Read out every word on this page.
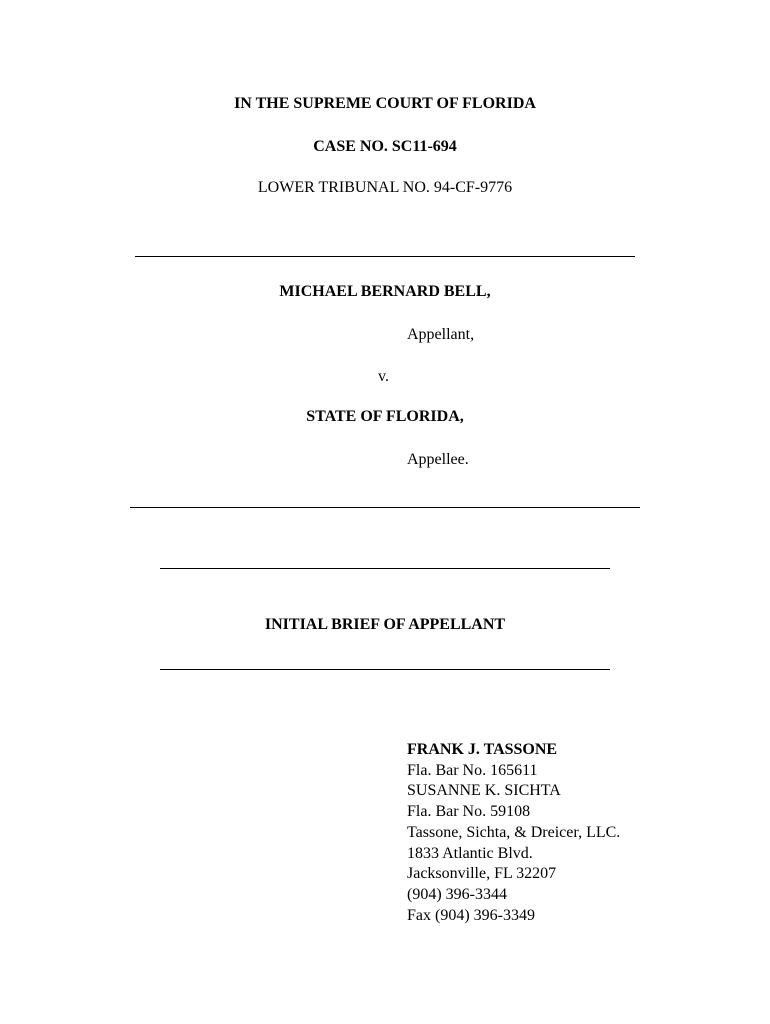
IN THE SUPREME COURT OF FLORIDA
CASE NO. SC11-694
LOWER TRIBUNAL NO. 94-CF-9776
MICHAEL BERNARD BELL,
Appellant,
v.
STATE OF FLORIDA,
Appellee.
INITIAL BRIEF OF APPELLANT
FRANK J. TASSONE
Fla. Bar No. 165611
SUSANNE K. SICHTA
Fla. Bar No. 59108
Tassone, Sichta, & Dreicer, LLC.
1833 Atlantic Blvd.
Jacksonville, FL 32207
(904) 396-3344
Fax (904) 396-3349
